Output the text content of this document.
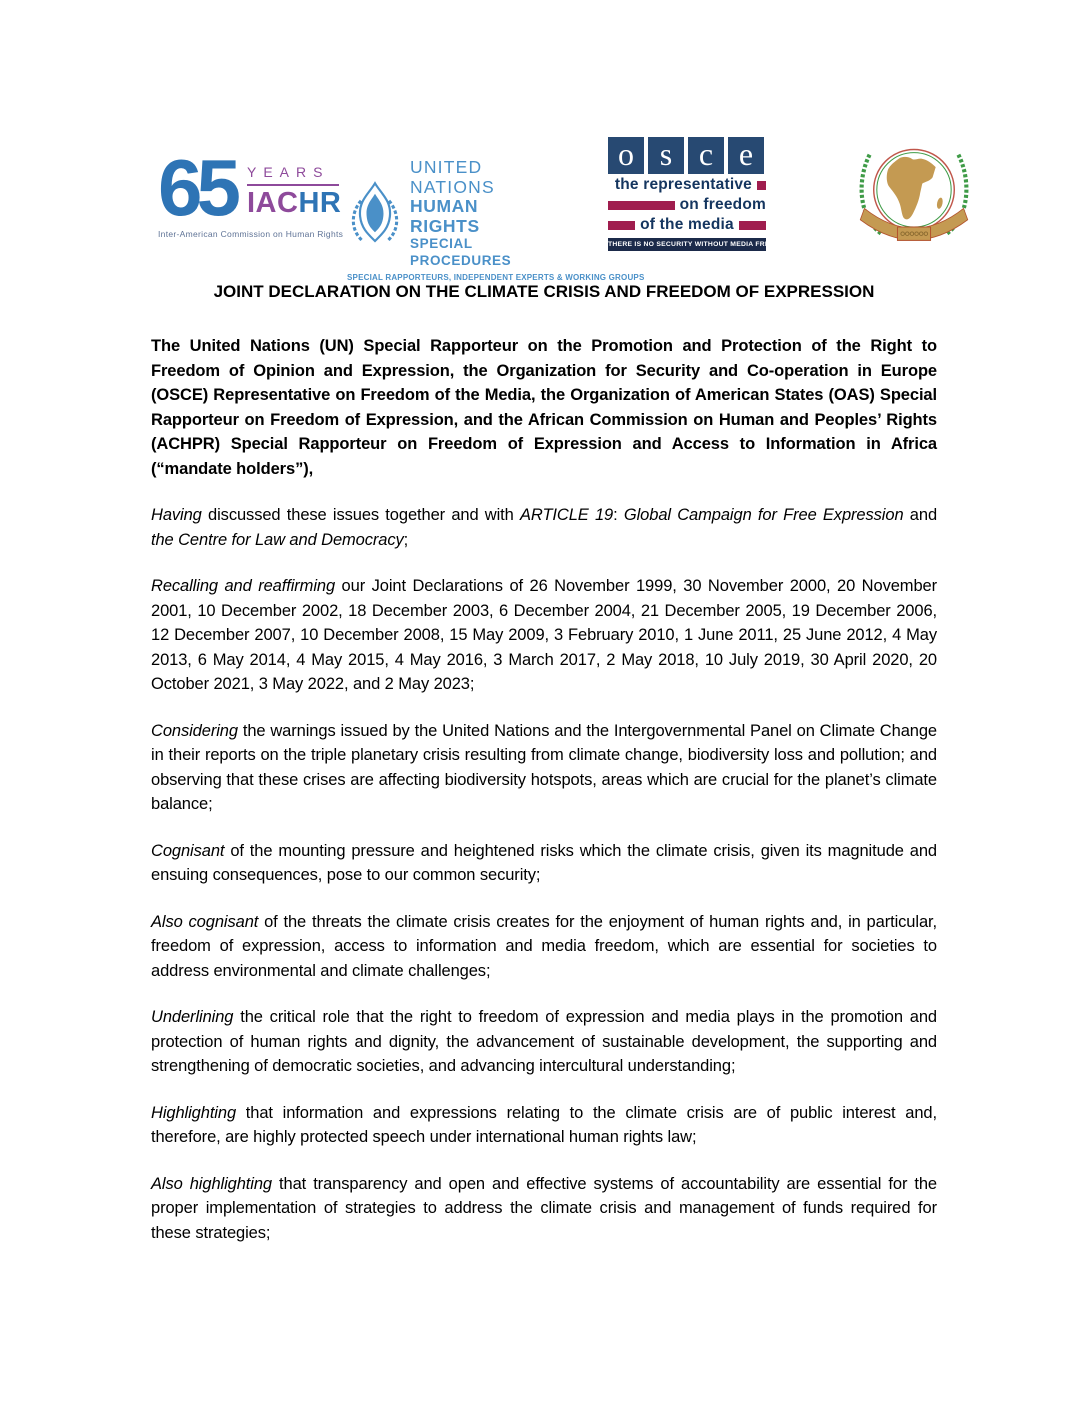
65 YEARS
IACHR
Inter-American Commission on Human Rights
UNITED NATIONS
HUMAN RIGHTS
SPECIAL PROCEDURES
SPECIAL RAPPORTEURS, INDEPENDENT EXPERTS & WORKING GROUPS
o s c e
the representative
on freedom
of the media
THERE IS NO SECURITY WITHOUT MEDIA FREEDOM
JOINT DECLARATION ON THE CLIMATE CRISIS AND FREEDOM OF EXPRESSION

The United Nations (UN) Special Rapporteur on the Promotion and Protection of the Right to Freedom of Opinion and Expression, the Organization for Security and Co-operation in Europe (OSCE) Representative on Freedom of the Media, the Organization of American States (OAS) Special Rapporteur on Freedom of Expression, and the African Commission on Human and Peoples’ Rights (ACHPR) Special Rapporteur on Freedom of Expression and Access to Information in Africa (“mandate holders”),

Having discussed these issues together and with ARTICLE 19: Global Campaign for Free Expression and the Centre for Law and Democracy;

Recalling and reaffirming our Joint Declarations of 26 November 1999, 30 November 2000, 20 November 2001, 10 December 2002, 18 December 2003, 6 December 2004, 21 December 2005, 19 December 2006, 12 December 2007, 10 December 2008, 15 May 2009, 3 February 2010, 1 June 2011, 25 June 2012, 4 May 2013, 6 May 2014, 4 May 2015, 4 May 2016, 3 March 2017, 2 May 2018, 10 July 2019, 30 April 2020, 20 October 2021, 3 May 2022, and 2 May 2023;

Considering the warnings issued by the United Nations and the Intergovernmental Panel on Climate Change in their reports on the triple planetary crisis resulting from climate change, biodiversity loss and pollution; and observing that these crises are affecting biodiversity hotspots, areas which are crucial for the planet’s climate balance;

Cognisant of the mounting pressure and heightened risks which the climate crisis, given its magnitude and ensuing consequences, pose to our common security;

Also cognisant of the threats the climate crisis creates for the enjoyment of human rights and, in particular, freedom of expression, access to information and media freedom, which are essential for societies to address environmental and climate challenges;

Underlining the critical role that the right to freedom of expression and media plays in the promotion and protection of human rights and dignity, the advancement of sustainable development, the supporting and strengthening of democratic societies, and advancing intercultural understanding;

Highlighting that information and expressions relating to the climate crisis are of public interest and, therefore, are highly protected speech under international human rights law;

Also highlighting that transparency and open and effective systems of accountability are essential for the proper implementation of strategies to address the climate crisis and management of funds required for these strategies;
